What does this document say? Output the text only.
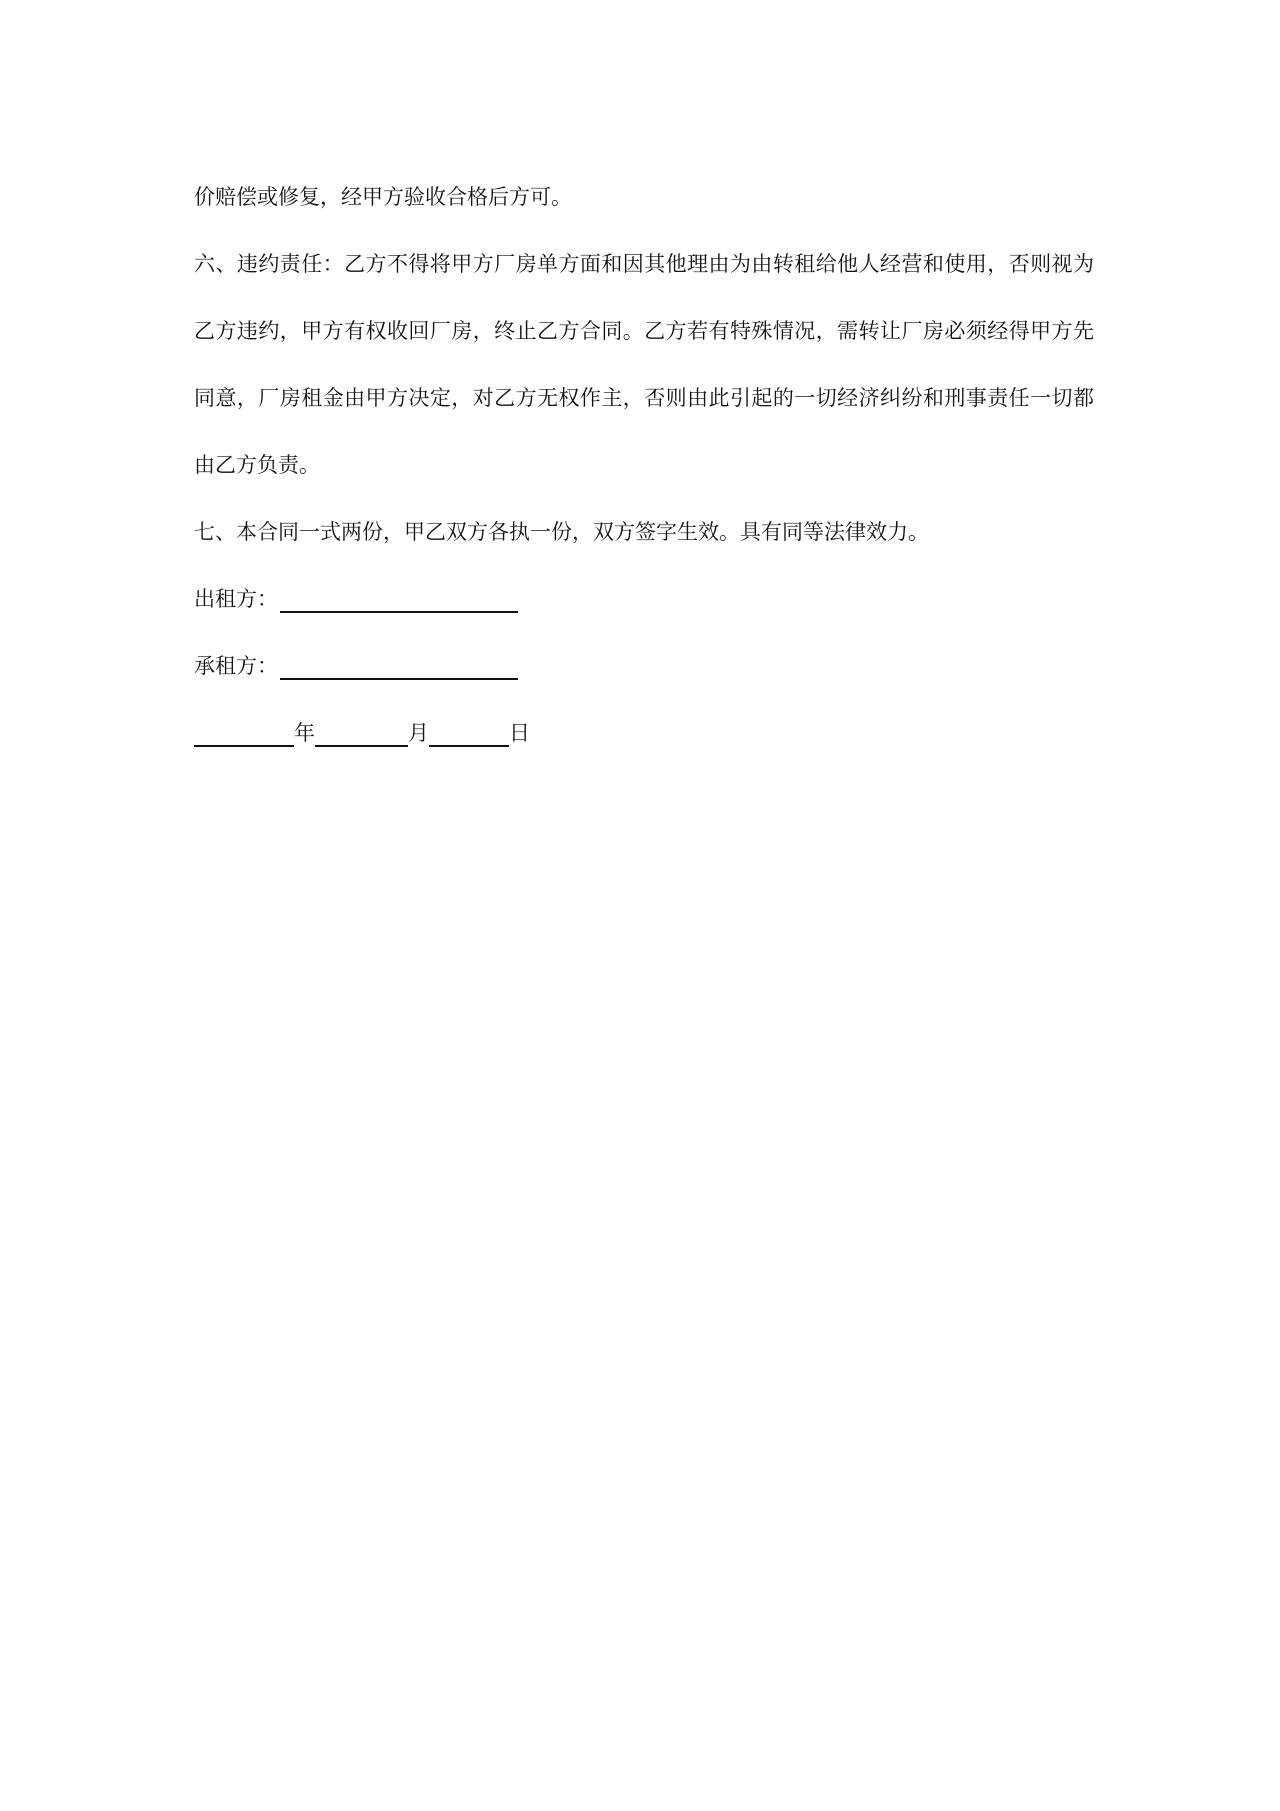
价赔偿或修复，经甲方验收合格后方可。

六、违约责任：乙方不得将甲方厂房单方面和因其他理由为由转租给他人经营和使用，否则视为乙方违约，甲方有权收回厂房，终止乙方合同。乙方若有特殊情况，需转让厂房必须经得甲方先同意，厂房租金由甲方决定，对乙方无权作主，否则由此引起的一切经济纠纷和刑事责任一切都由乙方负责。

七、本合同一式两份，甲乙双方各执一份，双方签字生效。具有同等法律效力。

出租方：
承租方：
年	月	日
